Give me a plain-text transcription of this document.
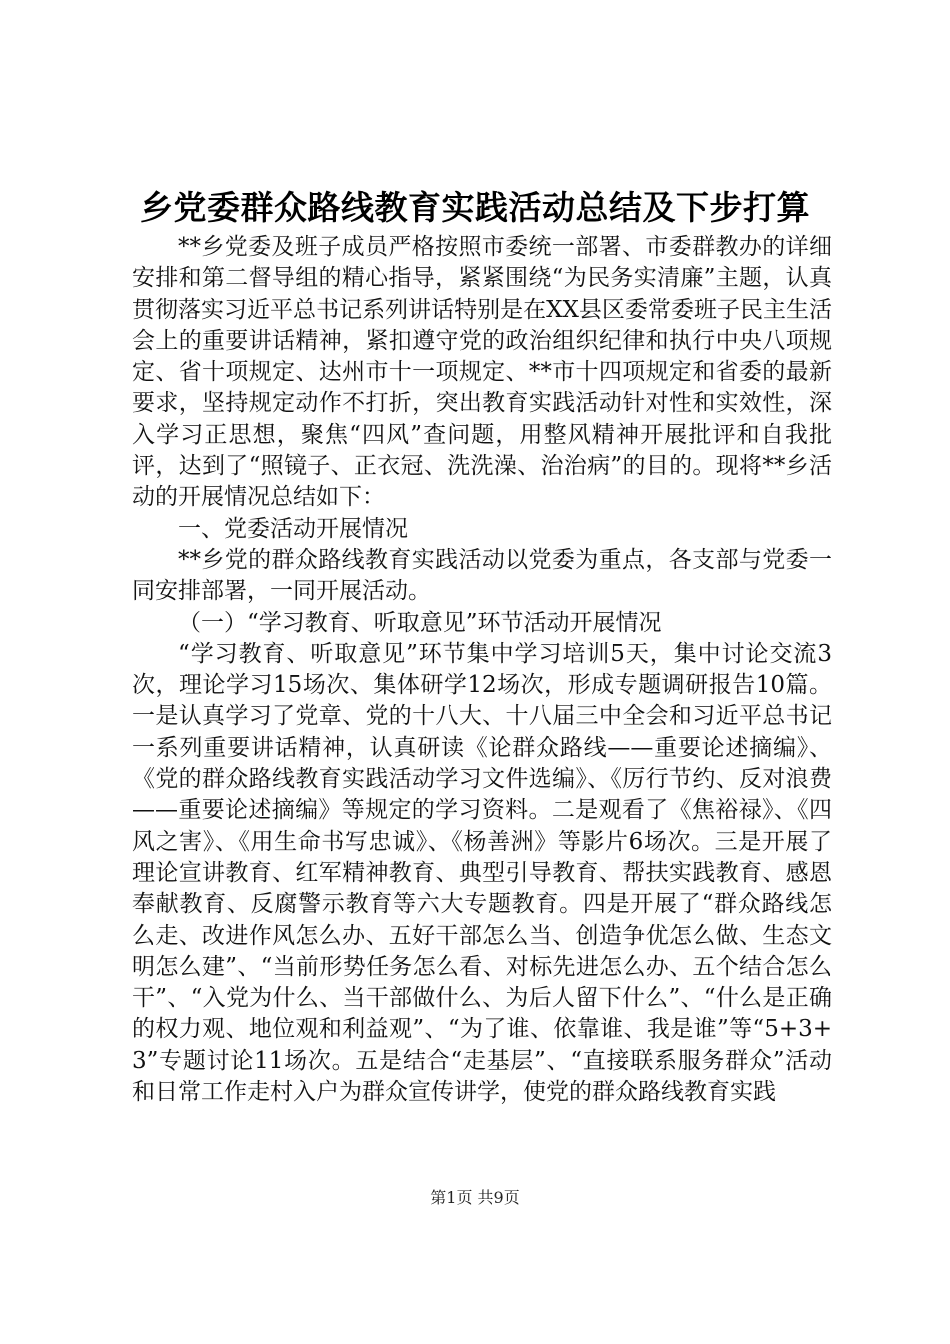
乡党委群众路线教育实践活动总结及下步打算

**乡党委及班子成员严格按照市委统一部署、市委群教办的详细安排和第二督导组的精心指导，紧紧围绕“为民务实清廉”主题，认真贯彻落实习近平总书记系列讲话特别是在XX县区委常委班子民主生活会上的重要讲话精神，紧扣遵守党的政治组织纪律和执行中央八项规定、省十项规定、达州市十一项规定、**市十四项规定和省委的最新要求，坚持规定动作不打折，突出教育实践活动针对性和实效性，深入学习正思想，聚焦“四风”查问题，用整风精神开展批评和自我批评，达到了“照镜子、正衣冠、洗洗澡、治治病”的目的。现将**乡活动的开展情况总结如下：

一、党委活动开展情况

**乡党的群众路线教育实践活动以党委为重点，各支部与党委一同安排部署，一同开展活动。

（一）“学习教育、听取意见”环节活动开展情况

“学习教育、听取意见”环节集中学习培训5天，集中讨论交流3次，理论学习15场次、集体研学12场次，形成专题调研报告10篇。一是认真学习了党章、党的十八大、十八届三中全会和习近平总书记一系列重要讲话精神，认真研读《论群众路线——重要论述摘编》、《党的群众路线教育实践活动学习文件选编》、《厉行节约、反对浪费——重要论述摘编》等规定的学习资料。二是观看了《焦裕禄》、《四风之害》、《用生命书写忠诚》、《杨善洲》等影片6场次。三是开展了理论宣讲教育、红军精神教育、典型引导教育、帮扶实践教育、感恩奉献教育、反腐警示教育等六大专题教育。四是开展了“群众路线怎么走、改进作风怎么办、五好干部怎么当、创造争优怎么做、生态文明怎么建”、“当前形势任务怎么看、对标先进怎么办、五个结合怎么干”、“入党为什么、当干部做什么、为后人留下什么”、“什么是正确的权力观、地位观和利益观”、“为了谁、依靠谁、我是谁”等“5+3+3”专题讨论11场次。五是结合“走基层”、“直接联系服务群众”活动和日常工作走村入户为群众宣传讲学，使党的群众路线教育实践

第1页 共9页
